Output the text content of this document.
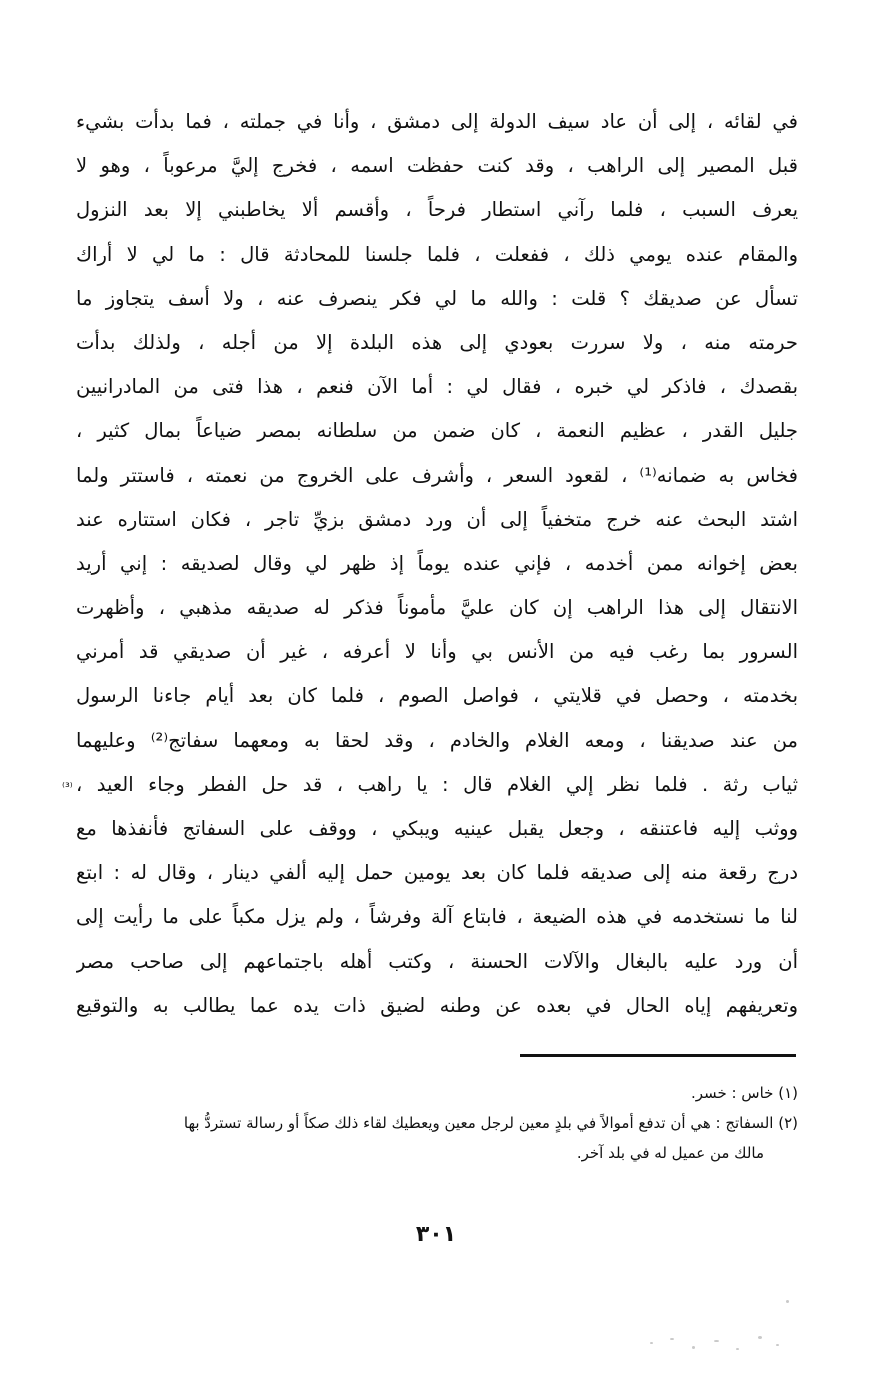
في لقائه ، إلى أن عاد سيف الدولة إلى دمشق ، وأنا في جملته ، فما بدأت بشيء
قبل المصير إلى الراهب ، وقد كنت حفظت اسمه ، فخرج إليَّ مرعوباً ، وهو لا
يعرف السبب ، فلما رآني استطار فرحاً ، وأقسم ألا يخاطبني إلا بعد النزول
والمقام عنده يومي ذلك ، ففعلت ، فلما جلسنا للمحادثة قال : ما لي لا أراك
تسأل عن صديقك ؟ قلت : والله ما لي فكر ينصرف عنه ، ولا أسف يتجاوز ما
حرمته منه ، ولا سررت بعودي إلى هذه البلدة إلا من أجله ، ولذلك بدأت
بقصدك ، فاذكر لي خبره ، فقال لي : أما الآن فنعم ، هذا فتى من المادرانيين
جليل القدر ، عظيم النعمة ، كان ضمن من سلطانه بمصر ضياعاً بمال كثير ،
فخاس به ضمانه⁽¹⁾ ، لقعود السعر ، وأشرف على الخروج من نعمته ، فاستتر ولما
اشتد البحث عنه خرج متخفياً إلى أن ورد دمشق بزيِّ تاجر ، فكان استتاره عند
بعض إخوانه ممن أخدمه ، فإني عنده يوماً إذ ظهر لي وقال لصديقه : إني أريد
الانتقال إلى هذا الراهب إن كان عليَّ مأموناً فذكر له صديقه مذهبي ، وأظهرت
السرور بما رغب فيه من الأنس بي وأنا لا أعرفه ، غير أن صديقي قد أمرني
بخدمته ، وحصل في قلايتي ، فواصل الصوم ، فلما كان بعد أيام جاءنا الرسول
من عند صديقنا ، ومعه الغلام والخادم ، وقد لحقا به ومعهما سفاتج⁽²⁾ وعليهما
ثياب رثة . فلما نظر إلي الغلام قال : يا راهب ، قد حل الفطر وجاء العيد ،
ووثب إليه فاعتنقه ، وجعل يقبل عينيه ويبكي ، ووقف على السفاتج فأنفذها مع
درج رقعة منه إلى صديقه فلما كان بعد يومين حمل إليه ألفي دينار ، وقال له : ابتع
لنا ما نستخدمه في هذه الضيعة ، فابتاع آلة وفرشاً ، ولم يزل مكباً على ما رأيت إلى
أن ورد عليه بالبغال والآلات الحسنة ، وكتب أهله باجتماعهم إلى صاحب مصر
وتعريفهم إياه الحال في بعده عن وطنه لضيق ذات يده عما يطالب به والتوقيع
⁽³⁾
(١) خاس : خسر.
(٢) السفاتج : هي أن تدفع أموالاً في بلدٍ معين لرجل معين ويعطيك لقاء ذلك صكاً أو رسالة تستردُّ بها
مالك من عميل له في بلد آخر.
٣٠١
